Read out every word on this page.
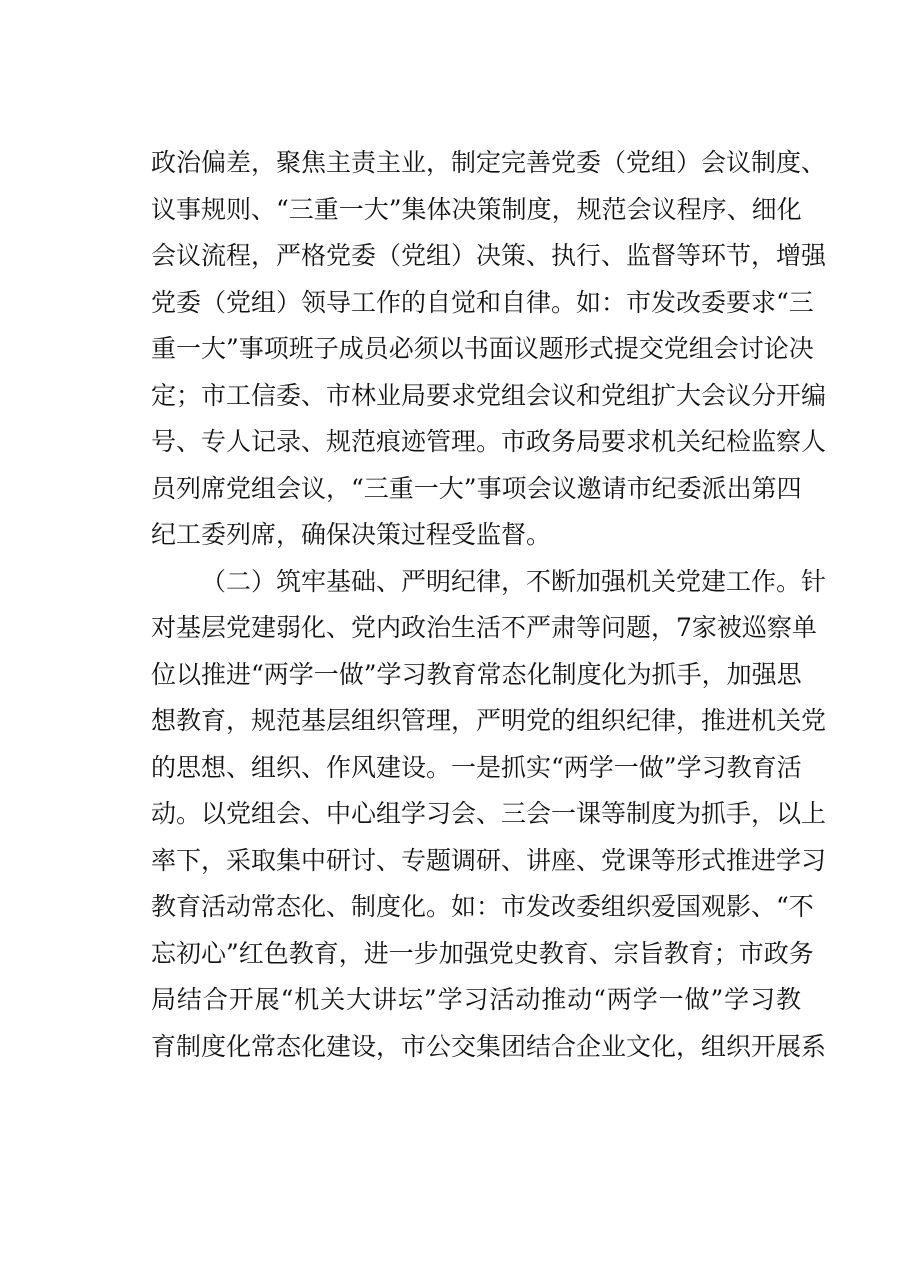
政治偏差，聚焦主责主业，制定完善党委（党组）会议制度、
议事规则、“三重一大”集体决策制度，规范会议程序、细化
会议流程，严格党委（党组）决策、执行、监督等环节，增强
党委（党组）领导工作的自觉和自律。如：市发改委要求“三
重一大”事项班子成员必须以书面议题形式提交党组会讨论决
定；市工信委、市林业局要求党组会议和党组扩大会议分开编
号、专人记录、规范痕迹管理。市政务局要求机关纪检监察人
员列席党组会议，“三重一大”事项会议邀请市纪委派出第四
纪工委列席，确保决策过程受监督。
（二）筑牢基础、严明纪律，不断加强机关党建工作。针
对基层党建弱化、党内政治生活不严肃等问题，7家被巡察单
位以推进“两学一做”学习教育常态化制度化为抓手，加强思
想教育，规范基层组织管理，严明党的组织纪律，推进机关党
的思想、组织、作风建设。一是抓实“两学一做”学习教育活
动。以党组会、中心组学习会、三会一课等制度为抓手，以上
率下，采取集中研讨、专题调研、讲座、党课等形式推进学习
教育活动常态化、制度化。如：市发改委组织爱国观影、“不
忘初心”红色教育，进一步加强党史教育、宗旨教育；市政务
局结合开展“机关大讲坛”学习活动推动“两学一做”学习教
育制度化常态化建设，市公交集团结合企业文化，组织开展系
